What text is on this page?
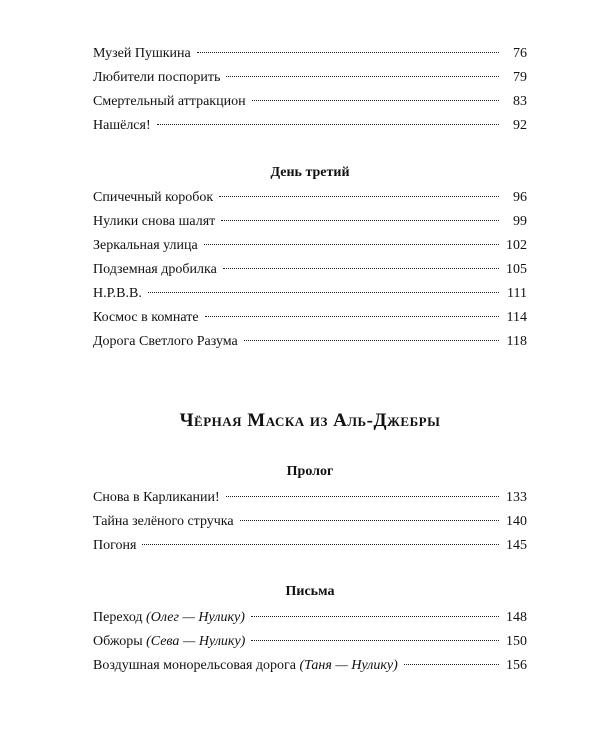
Музей Пушкина	76
Любители поспорить	79
Смертельный аттракцион	83
Нашёлся!	92
День третий
Спичечный коробок	96
Нулики снова шалят	99
Зеркальная улица	102
Подземная дробилка	105
Н.Р.В.В.	111
Космос в комнате	114
Дорога Светлого Разума	118
Чёрная Маска из Аль-Джебры
Пролог
Снова в Карликании!	133
Тайна зелёного стручка	140
Погоня	145
Письма
Переход (Олег — Нулику)	148
Обжоры (Сева — Нулику)	150
Воздушная монорельсовая дорога (Таня — Нулику)	156
